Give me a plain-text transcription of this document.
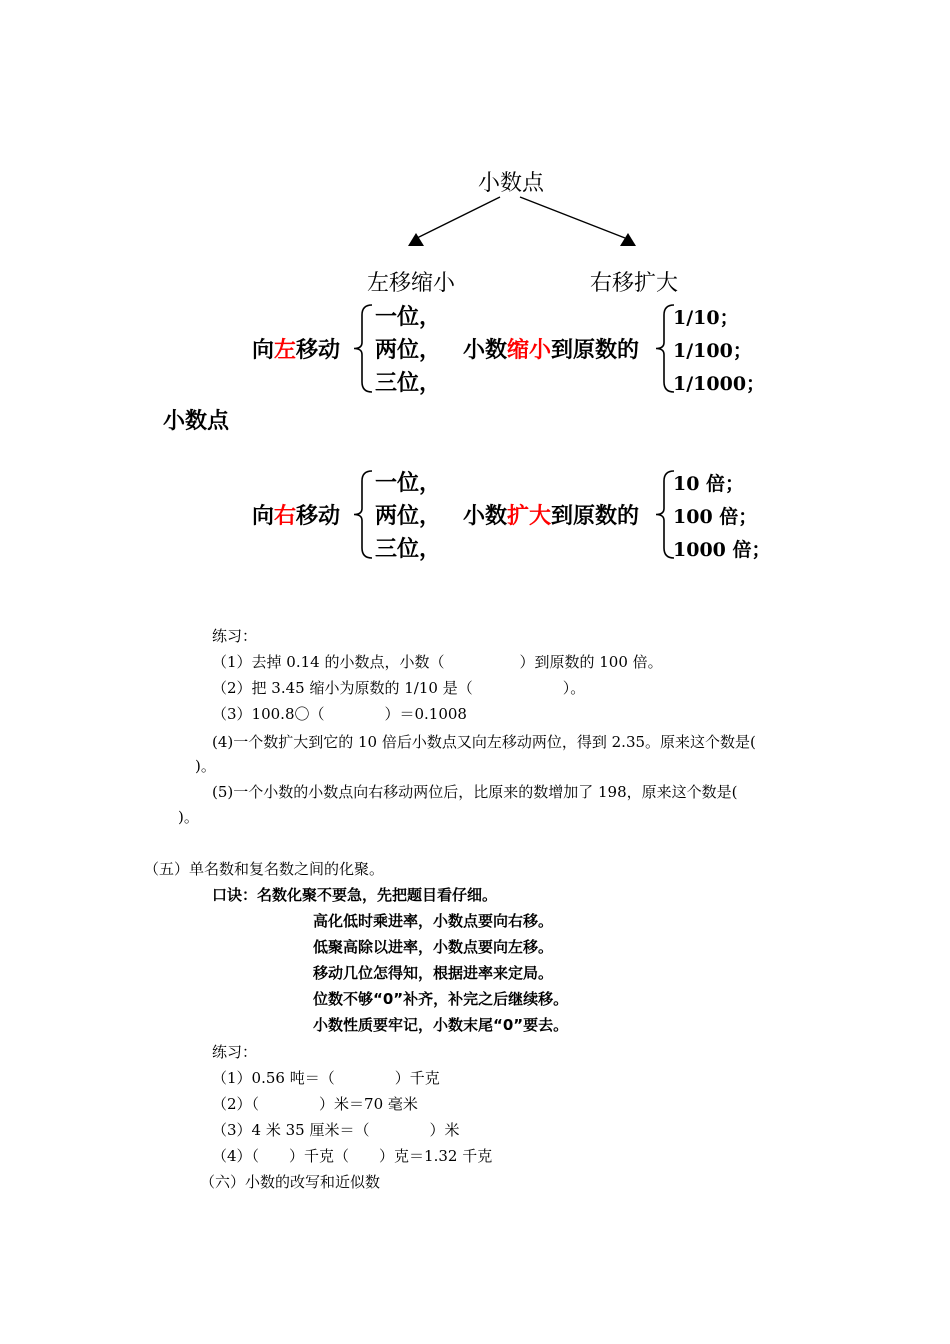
小数点
左移缩小	右移扩大
向左移动
一位，
两位，
三位，
小数缩小到原数的
1/10；
1/100；
1/1000；
小数点
向右移动
一位，
两位，
三位，
小数扩大到原数的
10 倍；
100 倍；
1000 倍；
练习：
（1）去掉 0.14 的小数点，小数（　　　　　）到原数的 100 倍。
（2）把 3.45 缩小为原数的 1/10 是（　　　　　　）。
（3）100.8〇（　　　　）＝0.1008
(4)一个数扩大到它的 10 倍后小数点又向左移动两位，得到 2.35。原来这个数是(
)。
(5)一个小数的小数点向右移动两位后，比原来的数增加了 198，原来这个数是(
)。
（五）单名数和复名数之间的化聚。
口诀：名数化聚不要急，先把题目看仔细。
高化低时乘进率，小数点要向右移。
低聚高除以进率，小数点要向左移。
移动几位怎得知，根据进率来定局。
位数不够“0”补齐，补完之后继续移。
小数性质要牢记，小数末尾“0”要去。
练习：
（1）0.56 吨＝（　　　　）千克
（2）（　　　　）米＝70 毫米
（3）4 米 35 厘米＝（　　　　）米
（4）（　　）千克（　　）克＝1.32 千克
（六）小数的改写和近似数
